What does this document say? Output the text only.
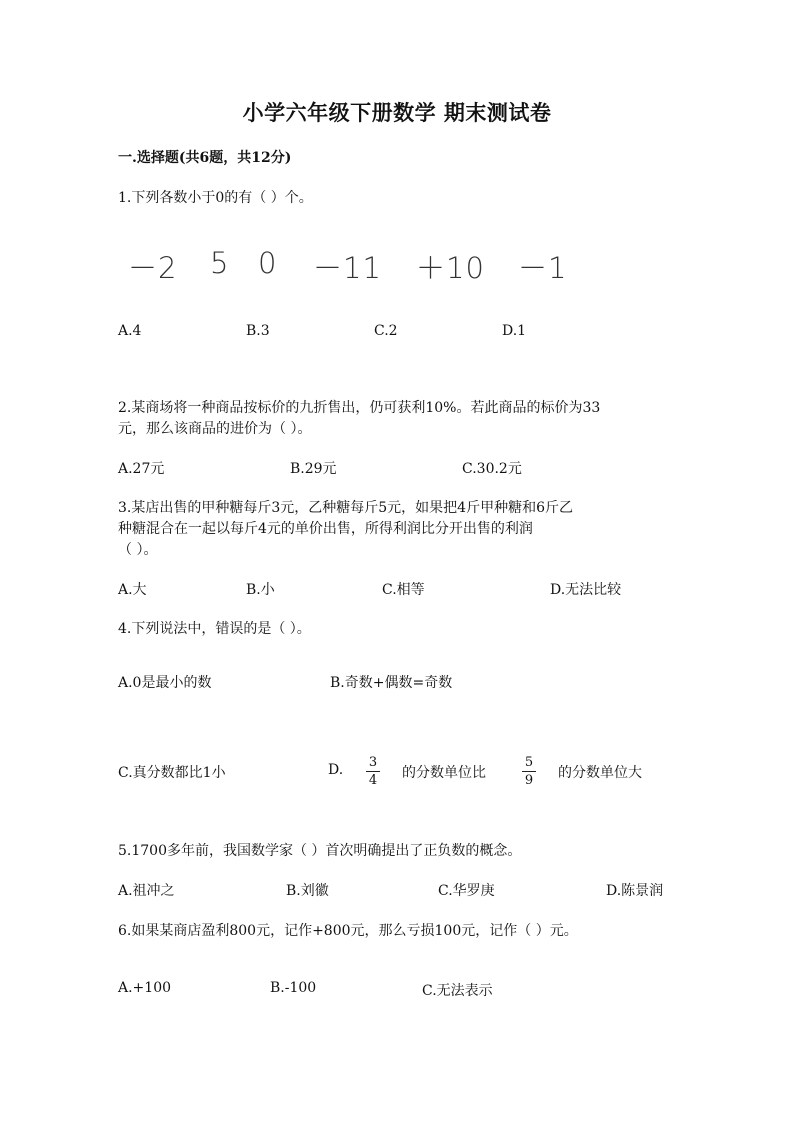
小学六年级下册数学 期末测试卷
一.选择题(共6题，共12分)
1.下列各数小于0的有（ ）个。
－2 5 0 －11 ＋10 －1
A.4	B.3	C.2	D.1
2.某商场将一种商品按标价的九折售出，仍可获利10%。若此商品的标价为33
元，那么该商品的进价为（ ）。
A.27元	B.29元	C.30.2元
3.某店出售的甲种糖每斤3元，乙种糖每斤5元，如果把4斤甲种糖和6斤乙
种糖混合在一起以每斤4元的单价出售，所得利润比分开出售的利润
（ ）。
A.大	B.小	C.相等	D.无法比较
4.下列说法中，错误的是（ ）。
A.0是最小的数	B.奇数+偶数=奇数
C.真分数都比1小	D. 3
4 的分数单位比
5
9 的分数单位大
5.1700多年前，我国数学家（ ）首次明确提出了正负数的概念。
A.祖冲之	B.刘徽	C.华罗庚	D.陈景润
6.如果某商店盈利800元，记作+800元，那么亏损100元，记作（ ）元。
A.+100	B.-100	C.无法表示
